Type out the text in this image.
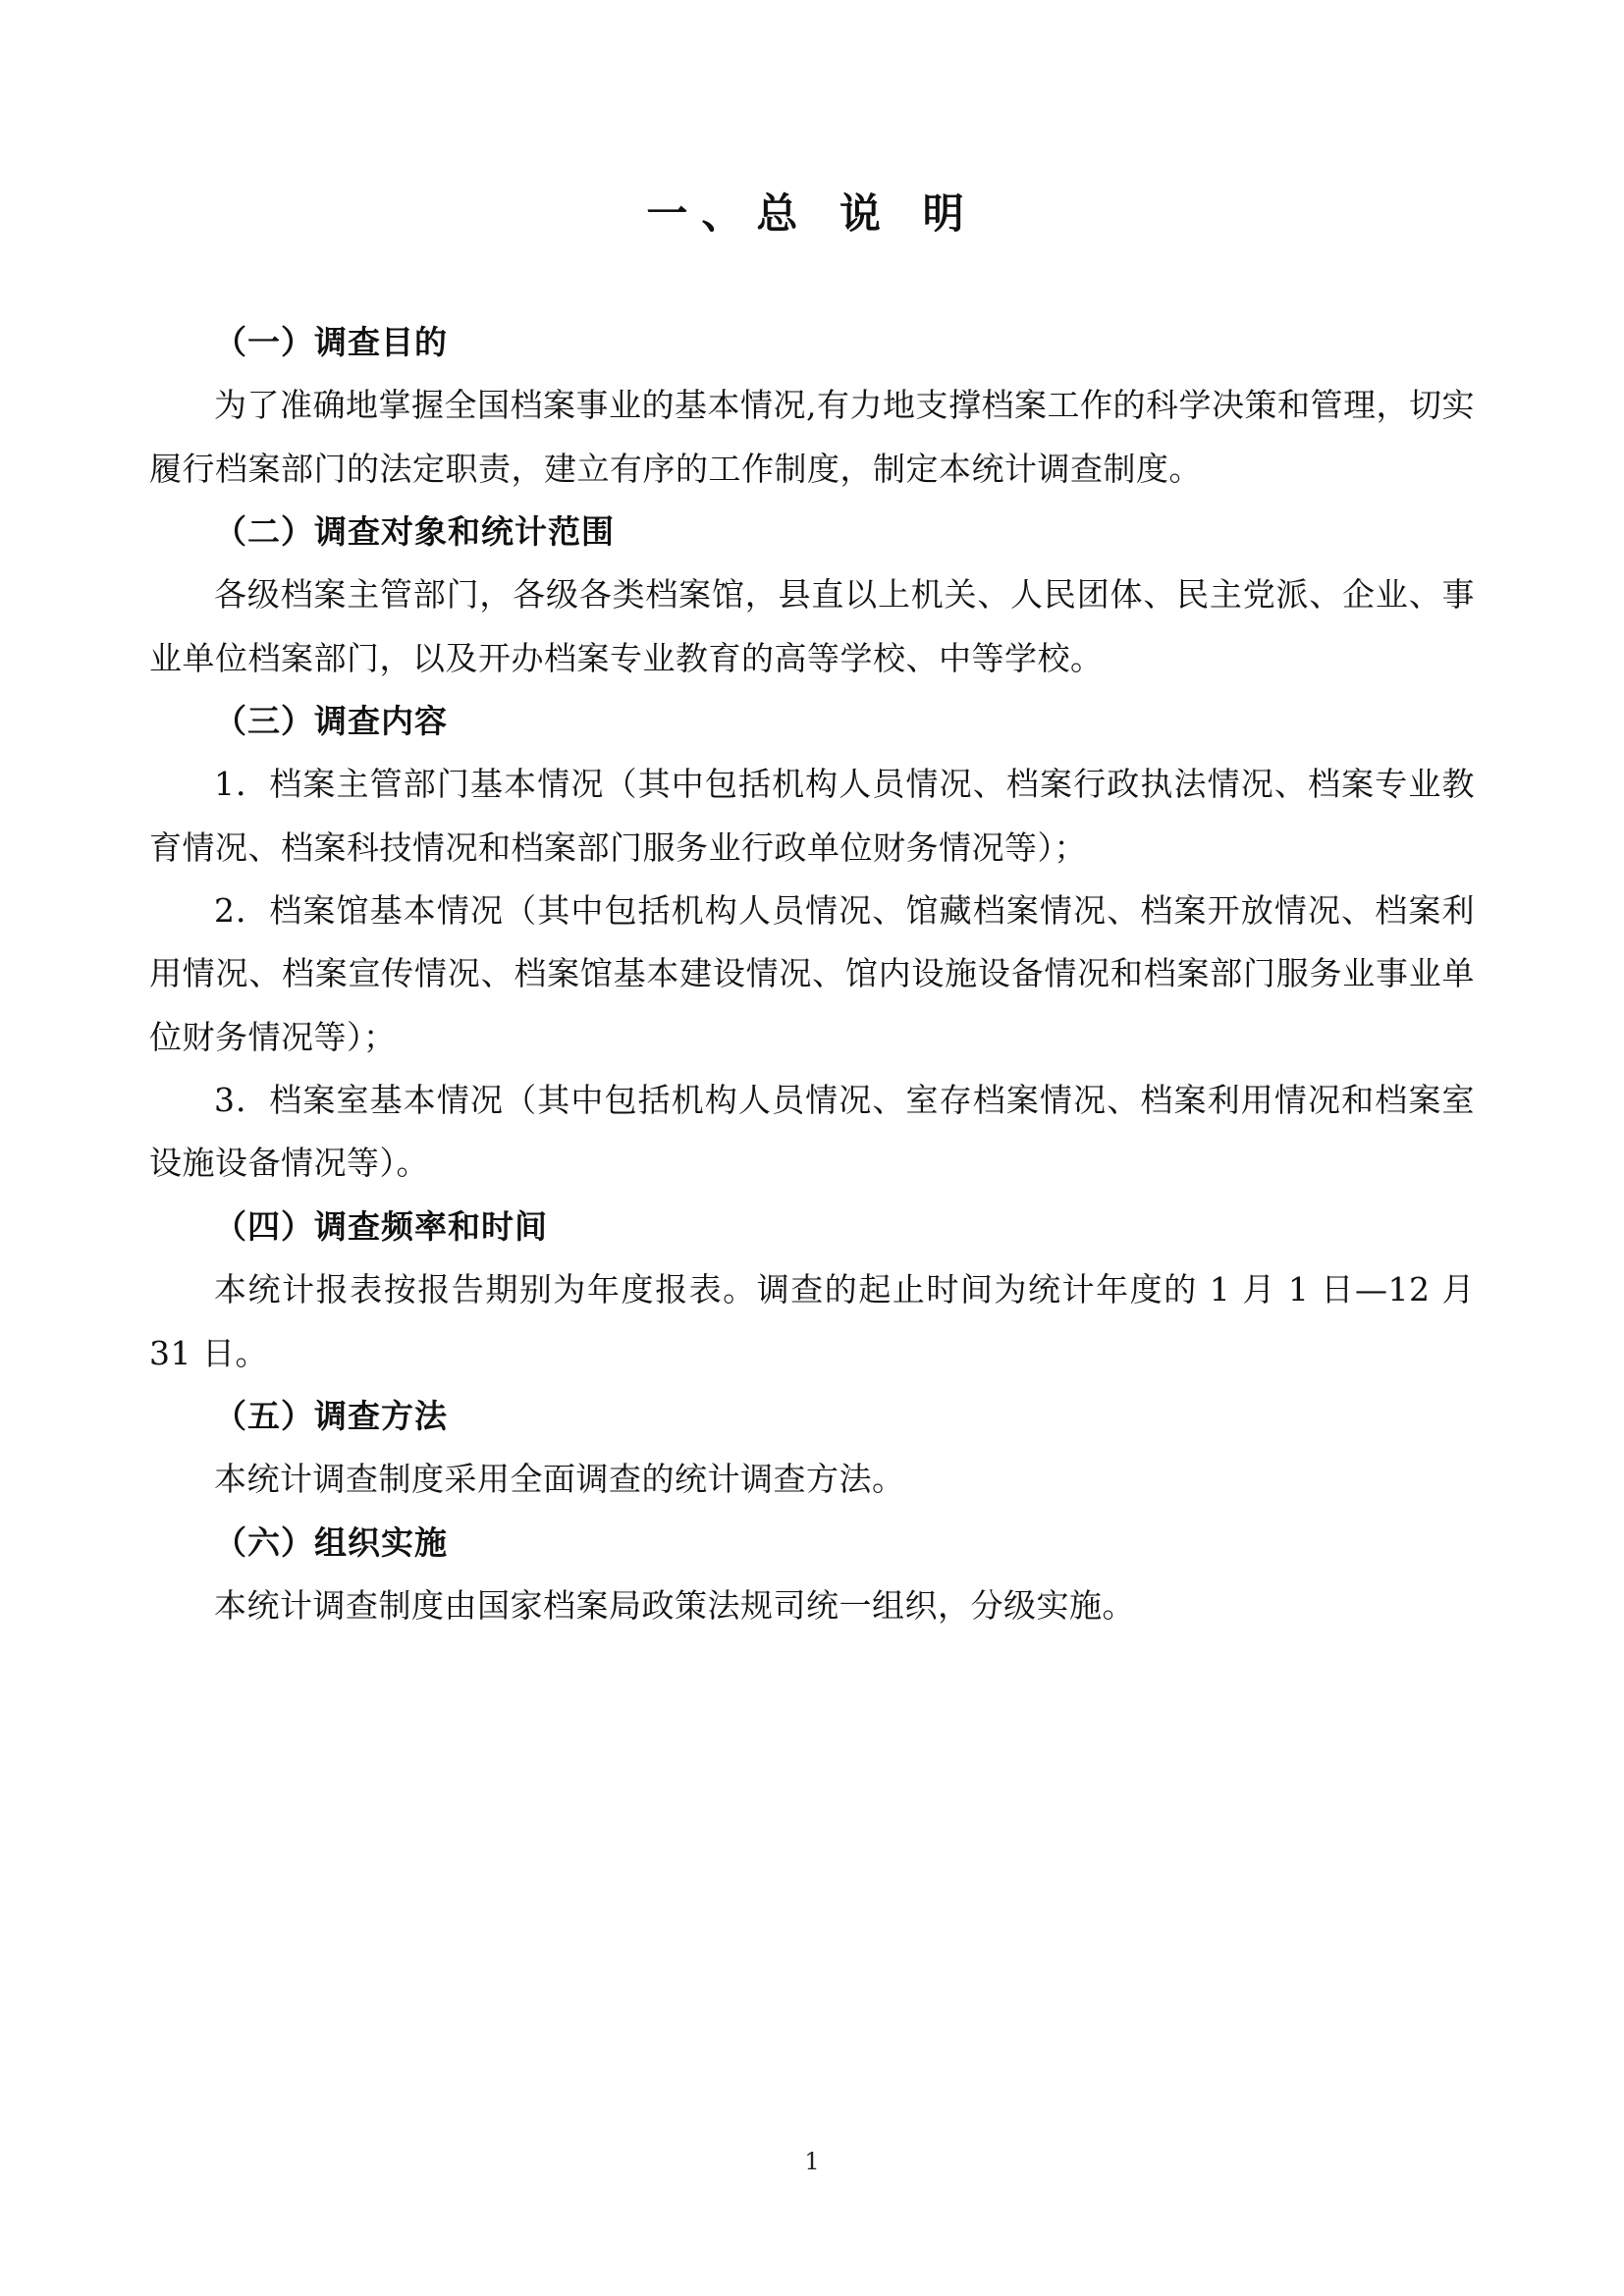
一、总 说 明

（一）调查目的

为了准确地掌握全国档案事业的基本情况,有力地支撑档案工作的科学决策和管理，切实履行档案部门的法定职责，建立有序的工作制度，制定本统计调查制度。

（二）调查对象和统计范围

各级档案主管部门，各级各类档案馆，县直以上机关、人民团体、民主党派、企业、事业单位档案部门，以及开办档案专业教育的高等学校、中等学校。

（三）调查内容

1．档案主管部门基本情况（其中包括机构人员情况、档案行政执法情况、档案专业教育情况、档案科技情况和档案部门服务业行政单位财务情况等）；

2．档案馆基本情况（其中包括机构人员情况、馆藏档案情况、档案开放情况、档案利用情况、档案宣传情况、档案馆基本建设情况、馆内设施设备情况和档案部门服务业事业单位财务情况等）；

3．档案室基本情况（其中包括机构人员情况、室存档案情况、档案利用情况和档案室设施设备情况等）。

（四）调查频率和时间

本统计报表按报告期别为年度报表。调查的起止时间为统计年度的 1 月 1 日—12 月 31 日。

（五）调查方法

本统计调查制度采用全面调查的统计调查方法。

（六）组织实施

本统计调查制度由国家档案局政策法规司统一组织，分级实施。

1
